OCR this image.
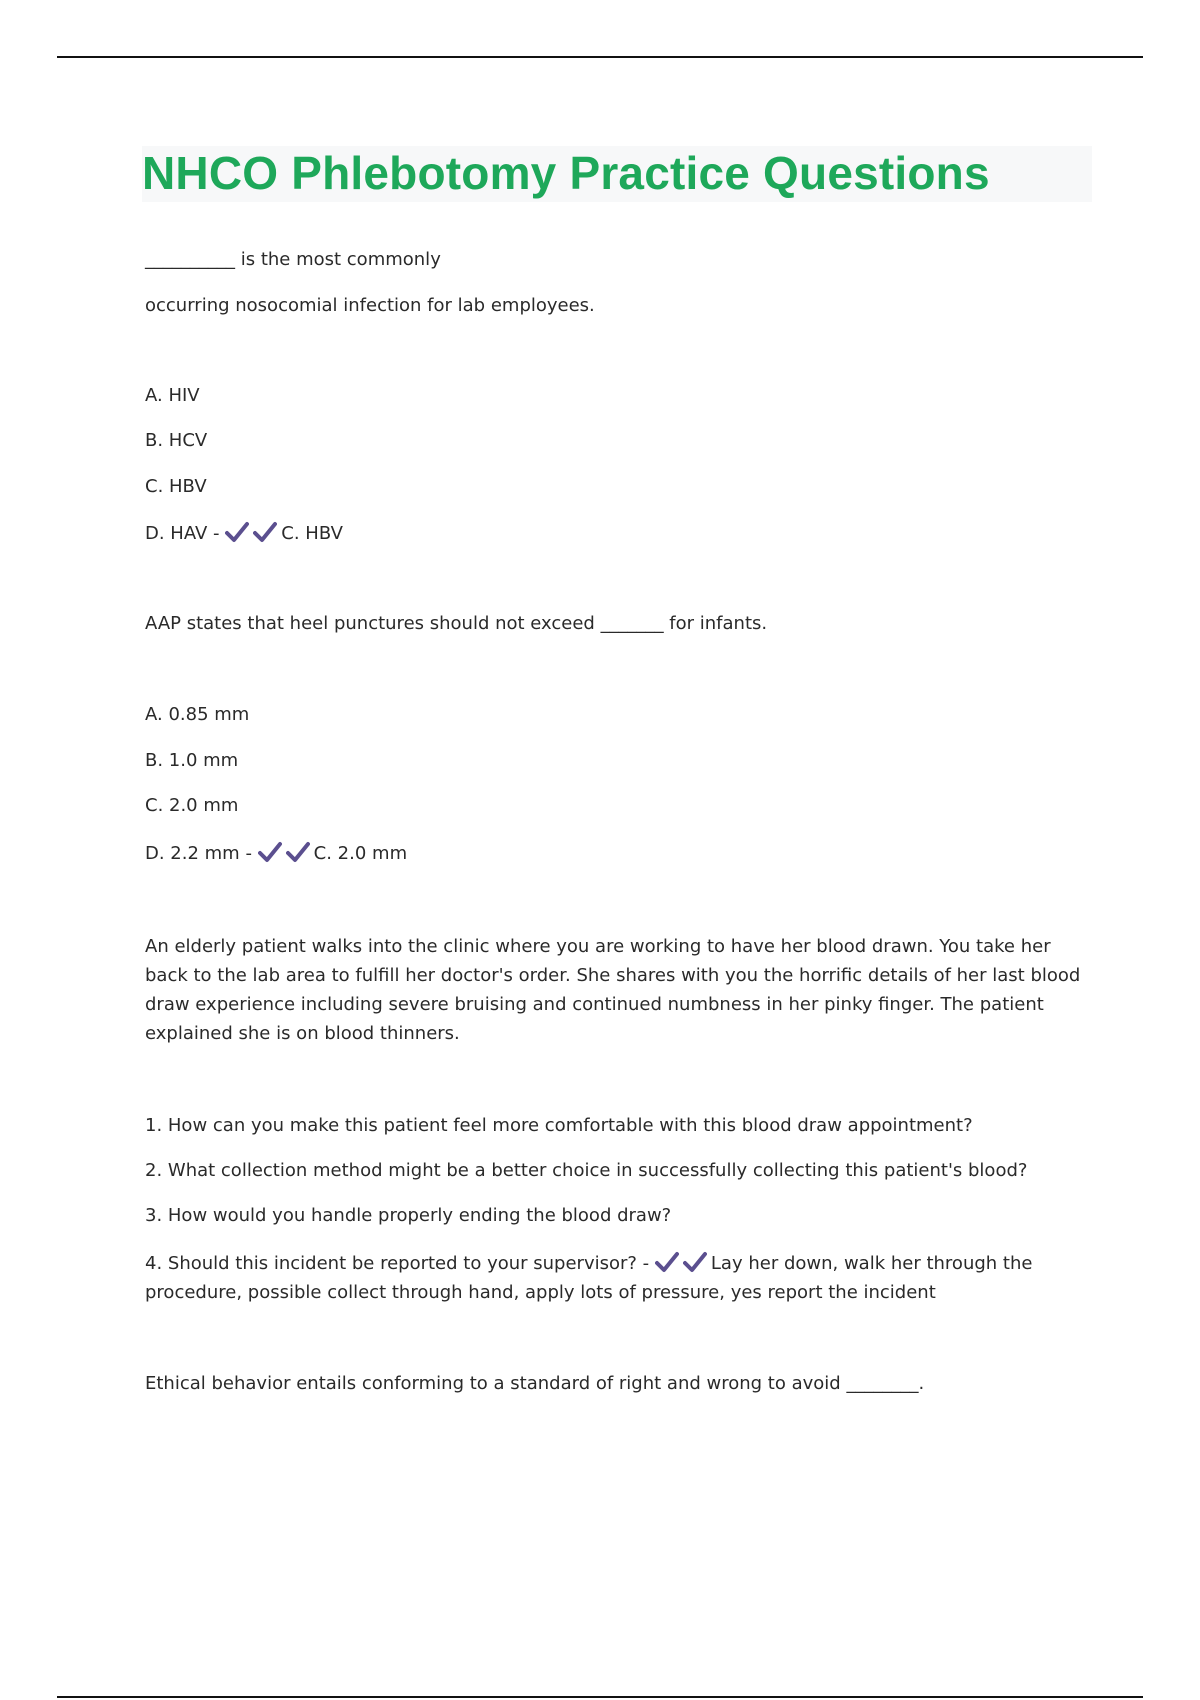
NHCO Phlebotomy Practice Questions
__________ is the most commonly
occurring nosocomial infection for lab employees.
A. HIV
B. HCV
C. HBV
D. HAV -	C. HBV
AAP states that heel punctures should not exceed _______ for infants.
A. 0.85 mm
B. 1.0 mm
C. 2.0 mm
D. 2.2 mm -	C. 2.0 mm
An elderly patient walks into the clinic where you are working to have her blood drawn. You take her back to the lab area to fulfill her doctor's order. She shares with you the horrific details of her last blood draw experience including severe bruising and continued numbness in her pinky finger. The patient explained she is on blood thinners.
1. How can you make this patient feel more comfortable with this blood draw appointment?
2. What collection method might be a better choice in successfully collecting this patient's blood?
3. How would you handle properly ending the blood draw?
4. Should this incident be reported to your supervisor? -	Lay her down, walk her through the procedure, possible collect through hand, apply lots of pressure, yes report the incident
Ethical behavior entails conforming to a standard of right and wrong to avoid ________.
